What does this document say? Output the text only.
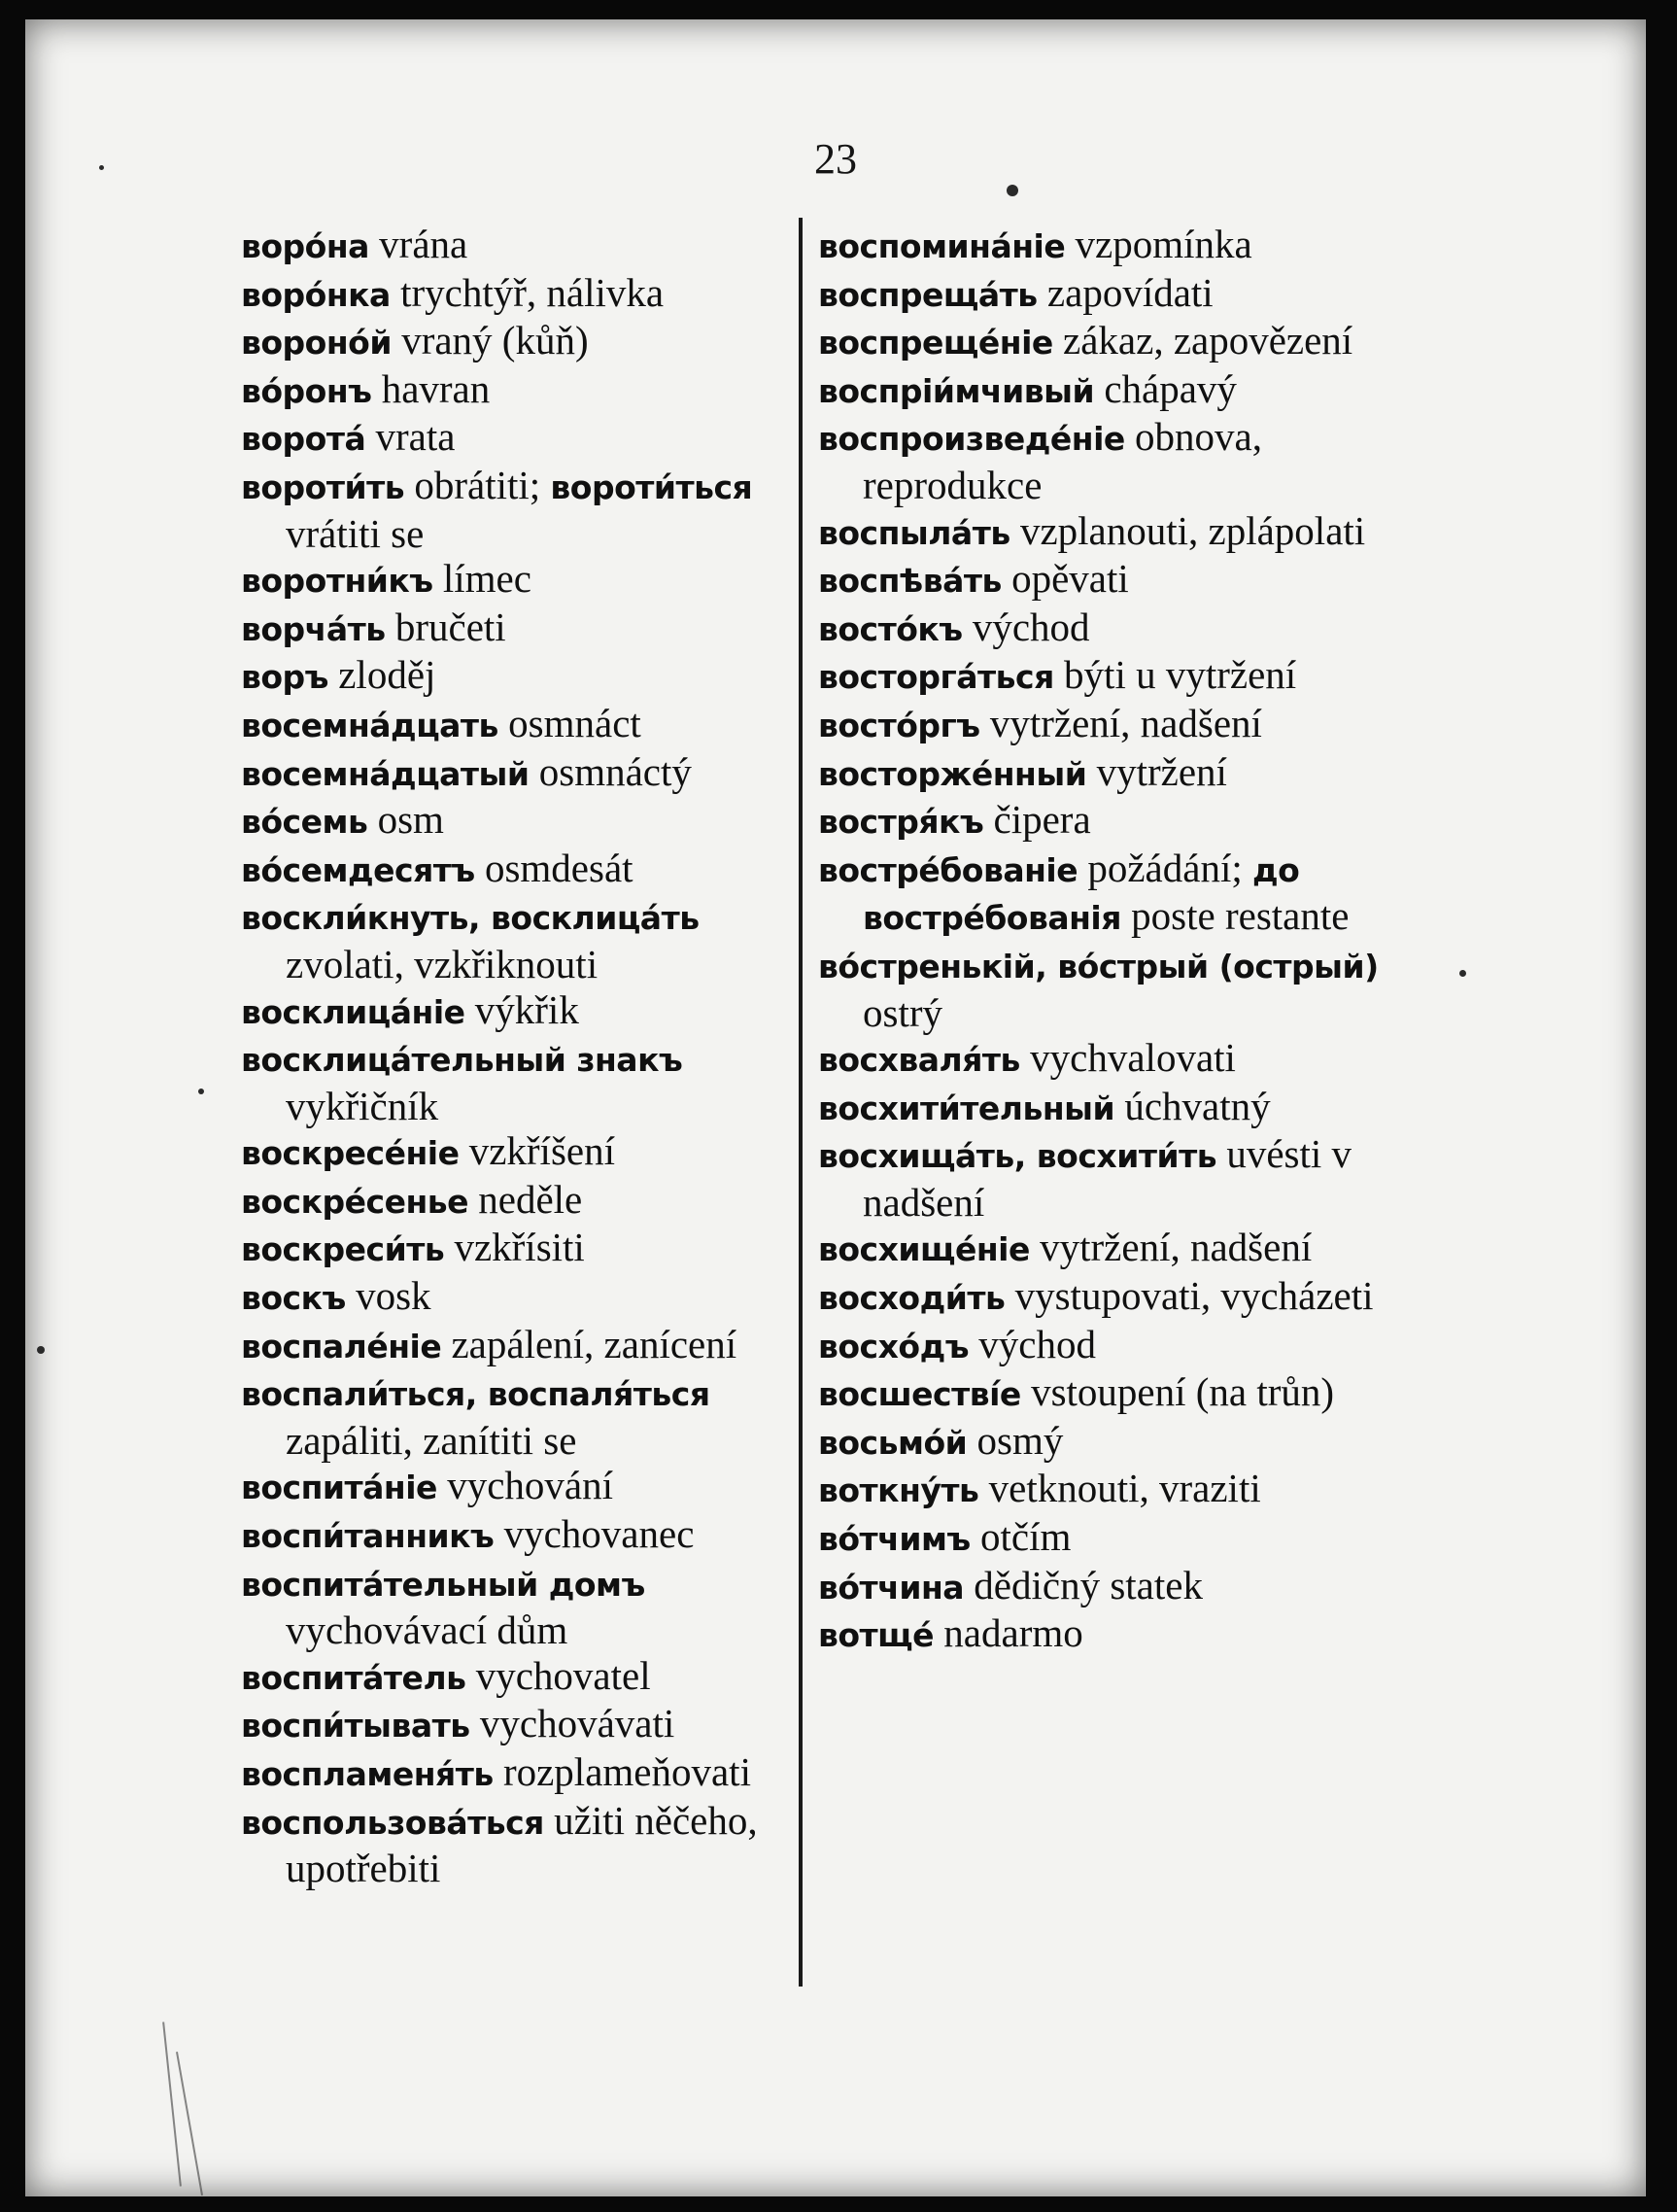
23

воро́на vrána

воро́нка trychtýř, nálivka

вороно́й vraný (kůň)

во́ронъ havran

ворота́ vrata

вороти́ть obrátiti; вороти́ться vrátiti se

воротни́къ límec

ворча́ть bručeti

воръ zloděj

восемна́дцать osmnáct

восемна́дцатый osmnáctý

во́семь osm

во́семдесятъ osmdesát

воскли́кнуть, восклица́ть zvolati, vzkřiknouti

восклица́ніе výkřik

восклица́тельный знакъ vykřičník

воскресе́ніе vzkříšení

воскре́сенье neděle

воскреси́ть vzkřísiti

воскъ vosk

воспале́ніе zapálení, zanícení

воспали́ться, воспаля́ться zapáliti, zanítiti se

воспита́ніе vychování

воспи́танникъ vychovanec

воспита́тельный домъ vychovávací dům

воспита́тель vychovatel

воспи́тывать vychovávati

воспламеня́ть rozplameňovati

воспользова́ться užiti něčeho, upotřebiti

воспомина́ніе vzpomínka

воспреща́ть zapovídati

воспреще́ніе zákaz, zapovězení

воспріи́мчивый chápavý

воспроизведе́ніе obnova, reprodukce

воспыла́ть vzplanouti, zplápolati

воспѣва́ть opěvati

восто́къ východ

восторга́ться býti u vytržení

восто́ргъ vytržení, nadšení

восторже́нный vytržení

востря́къ čipera

востре́бованіе požádání; до востре́бованія poste restante

во́стренькій, во́стрый (острый) ostrý

восхваля́ть vychvalovati

восхити́тельный úchvatný

восхища́ть, восхити́ть uvésti v nadšení

восхище́ніе vytržení, nadšení

восходи́ть vystupovati, vycházeti

восхо́дъ východ

восшестві́е vstoupení (na trůn)

восьмо́й osmý

воткну́ть vetknouti, vraziti

во́тчимъ otčím

во́тчина dědičný statek

вотще́ nadarmo
